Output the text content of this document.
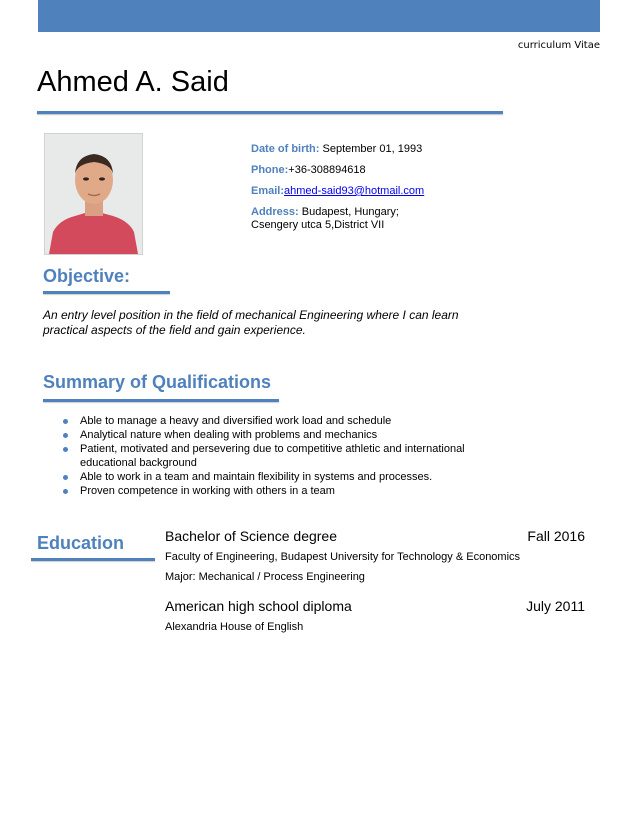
curriculum Vitae
Ahmed A. Said
Date of birth: September 01, 1993
Phone:+36-308894618
Email:ahmed-said93@hotmail.com
Address: Budapest, Hungary;
Csengery utca 5,District VII
Objective:
An entry level position in the field of mechanical Engineering where I can learn practical aspects of the field and gain experience.
Summary of Qualifications
Able to manage a heavy and diversified work load and schedule
Analytical nature when dealing with problems and mechanics
Patient, motivated and persevering due to competitive athletic and international educational background
Able to work in a team and maintain flexibility in systems and processes.
Proven competence in working with others in a team
Education	Bachelor of Science degree	Fall 2016
Faculty of Engineering, Budapest University for Technology & Economics
Major: Mechanical / Process Engineering
American high school diploma	July 2011
Alexandria House of English
